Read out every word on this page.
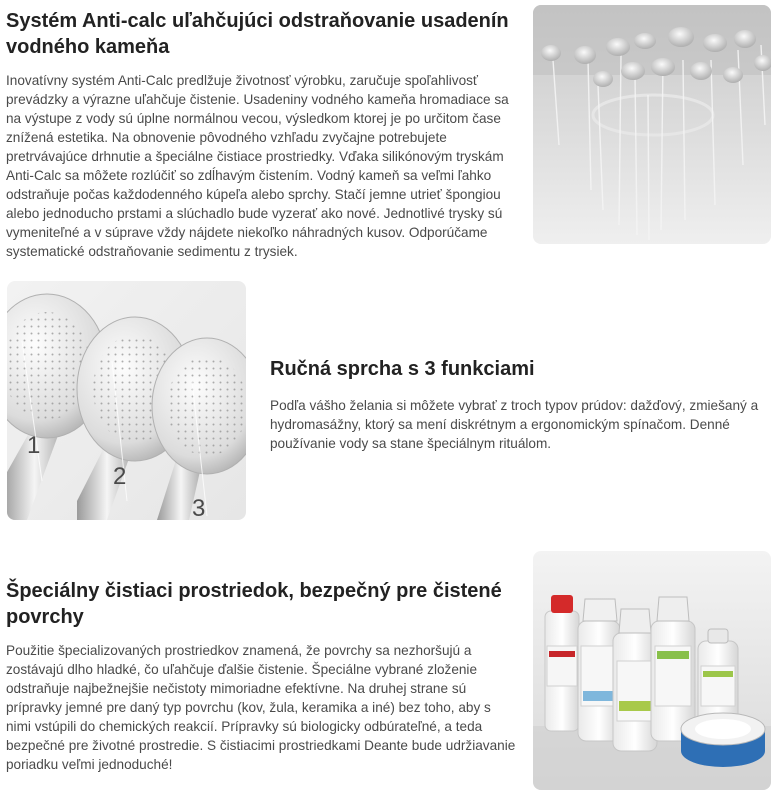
Systém Anti-calc uľahčujúci odstraňovanie usadenín vodného kameňa

Inovatívny systém Anti-Calc predlžuje životnosť výrobku, zaručuje spoľahlivosť prevádzky a výrazne uľahčuje čistenie. Usadeniny vodného kameňa hromadiace sa na výstupe z vody sú úplne normálnou vecou, výsledkom ktorej je po určitom čase znížená estetika. Na obnovenie pôvodného vzhľadu zvyčajne potrebujete pretrvávajúce drhnutie a špeciálne čistiace prostriedky. Vďaka silikónovým tryskám Anti-Calc sa môžete rozlúčiť so zdĺhavým čistením. Vodný kameň sa veľmi ľahko odstraňuje počas každodenného kúpeľa alebo sprchy. Stačí jemne utrieť špongiou alebo jednoducho prstami a slúchadlo bude vyzerať ako nové. Jednotlivé trysky sú vymeniteľné a v súprave vždy nájdete niekoľko náhradných kusov. Odporúčame systematické odstraňovanie sedimentu z trysiek.

1
2
3
Ručná sprcha s 3 funkciami

Podľa vášho želania si môžete vybrať z troch typov prúdov: dažďový, zmiešaný a hydromasážny, ktorý sa mení diskrétnym a ergonomickým spínačom. Denné používanie vody sa stane špeciálnym rituálom.

Špeciálny čistiaci prostriedok, bezpečný pre čistené povrchy

Použitie špecializovaných prostriedkov znamená, že povrchy sa nezhoršujú a zostávajú dlho hladké, čo uľahčuje ďalšie čistenie. Špeciálne vybrané zloženie odstraňuje najbežnejšie nečistoty mimoriadne efektívne. Na druhej strane sú prípravky jemné pre daný typ povrchu (kov, žula, keramika a iné) bez toho, aby s nimi vstúpili do chemických reakcií. Prípravky sú biologicky odbúrateľné, a teda bezpečné pre životné prostredie. S čistiacimi prostriedkami Deante bude udržiavanie poriadku veľmi jednoduché!
